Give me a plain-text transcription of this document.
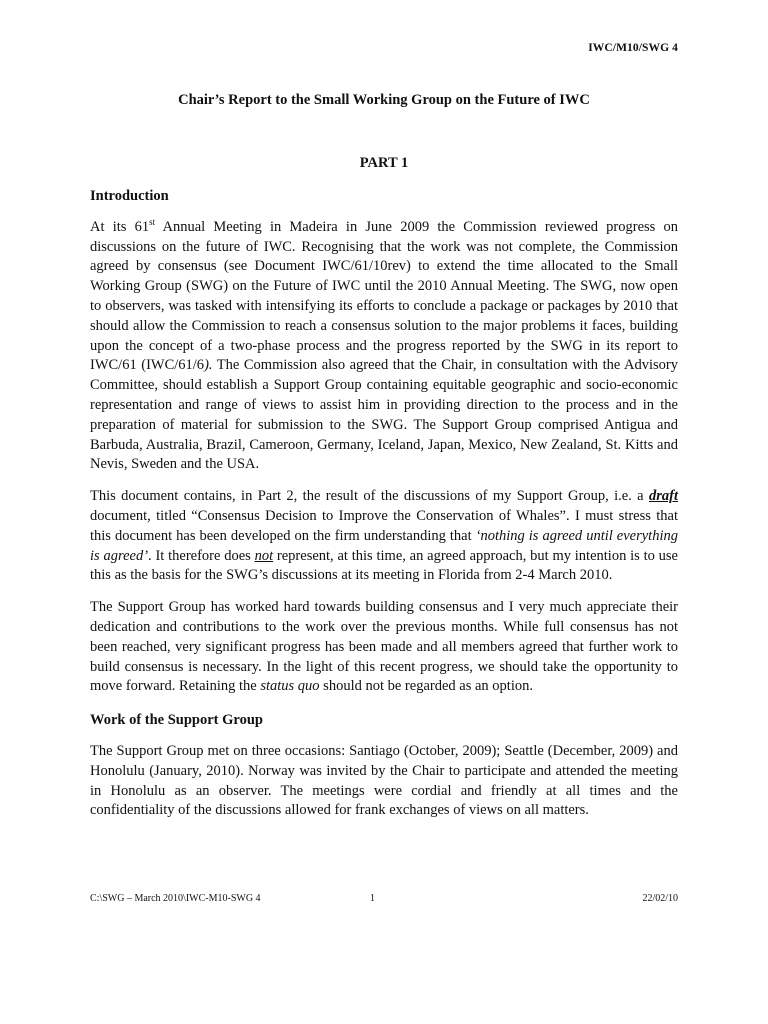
IWC/M10/SWG 4
Chair’s Report to the Small Working Group on the Future of IWC
PART 1
Introduction

At its 61st Annual Meeting in Madeira in June 2009 the Commission reviewed progress on discussions on the future of IWC. Recognising that the work was not complete, the Commission agreed by consensus (see Document IWC/61/10rev) to extend the time allocated to the Small Working Group (SWG) on the Future of IWC until the 2010 Annual Meeting. The SWG, now open to observers, was tasked with intensifying its efforts to conclude a package or packages by 2010 that should allow the Commission to reach a consensus solution to the major problems it faces, building upon the concept of a two-phase process and the progress reported by the SWG in its report to IWC/61 (IWC/61/6). The Commission also agreed that the Chair, in consultation with the Advisory Committee, should establish a Support Group containing equitable geographic and socio-economic representation and range of views to assist him in providing direction to the process and in the preparation of material for submission to the SWG. The Support Group comprised Antigua and Barbuda, Australia, Brazil, Cameroon, Germany, Iceland, Japan, Mexico, New Zealand, St. Kitts and Nevis, Sweden and the USA.

This document contains, in Part 2, the result of the discussions of my Support Group, i.e. a draft document, titled “Consensus Decision to Improve the Conservation of Whales”. I must stress that this document has been developed on the firm understanding that ‘nothing is agreed until everything is agreed’. It therefore does not represent, at this time, an agreed approach, but my intention is to use this as the basis for the SWG’s discussions at its meeting in Florida from 2-4 March 2010.

The Support Group has worked hard towards building consensus and I very much appreciate their dedication and contributions to the work over the previous months. While full consensus has not been reached, very significant progress has been made and all members agreed that further work to build consensus is necessary. In the light of this recent progress, we should take the opportunity to move forward. Retaining the status quo should not be regarded as an option.

Work of the Support Group

The Support Group met on three occasions: Santiago (October, 2009); Seattle (December, 2009) and Honolulu (January, 2010). Norway was invited by the Chair to participate and attended the meeting in Honolulu as an observer. The meetings were cordial and friendly at all times and the confidentiality of the discussions allowed for frank exchanges of views on all matters.

C:\SWG – March 2010\IWC-M10-SWG 4	1	22/02/10
